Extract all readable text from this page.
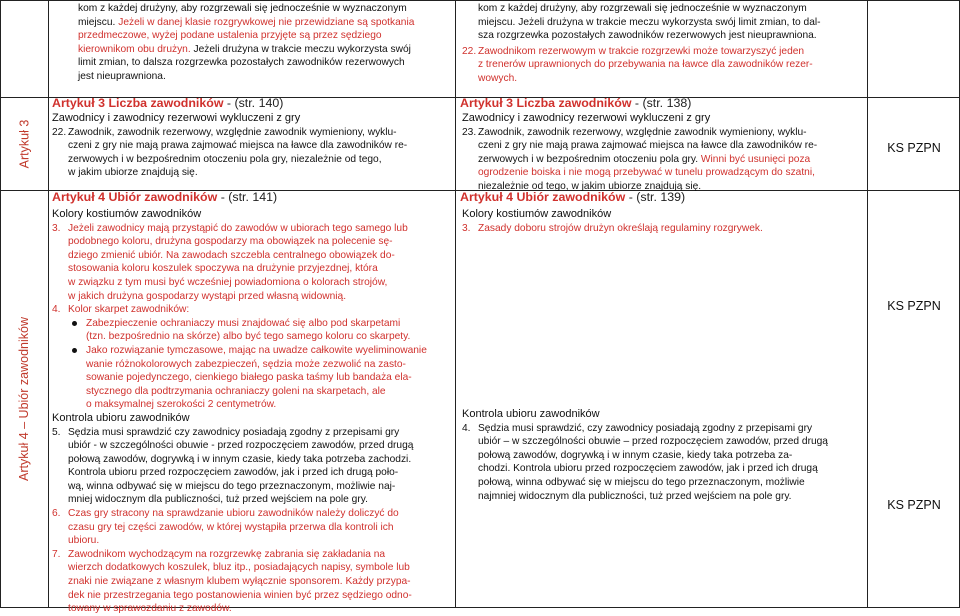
Artykuł 3
Artykuł 4 – Ubiór zawodników

kom z każdej drużyny, aby rozgrzewali się jednocześnie w wyznaczonym

miejscu. Jeżeli w danej klasie rozgrywkowej nie przewidziane są spotkania

przedmeczowe, wyżej podane ustalenia przyjęte są przez sędziego

kierownikom obu drużyn. Jeżeli drużyna w trakcie meczu wykorzysta swój

limit zmian, to dalsza rozgrzewka pozostałych zawodników rezerwowych

jest nieuprawniona.

kom z każdej drużyny, aby rozgrzewali się jednocześnie w wyznaczonym

miejscu. Jeżeli drużyna w trakcie meczu wykorzysta swój limit zmian, to dal-

sza rozgrzewka pozostałych zawodników rezerwowych jest nieuprawniona.

22. Zawodnikom rezerwowym w trakcie rozgrzewki może towarzyszyć jeden

z trenerów uprawnionych do przebywania na ławce dla zawodników rezer-

wowych.

Artykuł 3 Liczba zawodników - (str. 140)	Artykuł 3 Liczba zawodników - (str. 138)

Zawodnicy i zawodnicy rezerwowi wykluczeni z gry

22. Zawodnik, zawodnik rezerwowy, względnie zawodnik wymieniony, wyklu-

czeni z gry nie mają prawa zajmować miejsca na ławce dla zawodników re-

zerwowych i w bezpośrednim otoczeniu pola gry, niezależnie od tego,

w jakim ubiorze znajdują się.

Zawodnicy i zawodnicy rezerwowi wykluczeni z gry

23. Zawodnik, zawodnik rezerwowy, względnie zawodnik wymieniony, wyklu-

czeni z gry nie mają prawa zajmować miejsca na ławce dla zawodników re-

zerwowych i w bezpośrednim otoczeniu pola gry. Winni być usunięci poza

ogrodzenie boiska i nie mogą przebywać w tunelu prowadzącym do szatni,

niezależnie od tego, w jakim ubiorze znajdują się.

KS PZPN
Artykuł 4 Ubiór zawodników - (str. 141)	Artykuł 4 Ubiór zawodników - (str. 139)

Kolory kostiumów zawodników

3. Jeżeli zawodnicy mają przystąpić do zawodów w ubiorach tego samego lub

podobnego koloru, drużyna gospodarzy ma obowiązek na polecenie sę-

dziego zmienić ubiór. Na zawodach szczebla centralnego obowiązek do-

stosowania koloru koszulek spoczywa na drużynie przyjezdnej, która

w związku z tym musi być wcześniej powiadomiona o kolorach strojów,

w jakich drużyna gospodarzy wystąpi przed własną widownią.

4. Kolor skarpet zawodników:

Zabezpieczenie ochraniaczy musi znajdować się albo pod skarpetami

(tzn. bezpośrednio na skórze) albo być tego samego koloru co skarpety.

Jako rozwiązanie tymczasowe, mając na uwadze całkowite wyeliminowanie

wanie różnokolorowych zabezpieczeń, sędzia może zezwolić na zasto-

sowanie pojedynczego, cienkiego białego paska taśmy lub bandaża ela-

stycznego dla podtrzymania ochraniaczy goleni na skarpetach, ale

o maksymalnej szerokości 2 centymetrów.

Kontrola ubioru zawodników

5. Sędzia musi sprawdzić czy zawodnicy posiadają zgodny z przepisami gry

ubiór - w szczególności obuwie - przed rozpoczęciem zawodów, przed drugą

połową zawodów, dogrywką i w innym czasie, kiedy taka potrzeba zachodzi.

Kontrola ubioru przed rozpoczęciem zawodów, jak i przed ich drugą poło-

wą, winna odbywać się w miejscu do tego przeznaczonym, możliwie naj-

mniej widocznym dla publiczności, tuż przed wejściem na pole gry.

6. Czas gry stracony na sprawdzanie ubioru zawodników należy doliczyć do

czasu gry tej części zawodów, w której wystąpiła przerwa dla kontroli ich

ubioru.

7. Zawodnikom wychodzącym na rozgrzewkę zabrania się zakładania na

wierzch dodatkowych koszulek, bluz itp., posiadających napisy, symbole lub

znaki nie związane z własnym klubem wyłącznie sponsorem. Każdy przypa-

dek nie przestrzegania tego postanowienia winien być przez sędziego odno-

towany w sprawozdaniu z zawodów.

Kolory kostiumów zawodników

3. Zasady doboru strojów drużyn określają regulaminy rozgrywek.

Kontrola ubioru zawodników

4. Sędzia musi sprawdzić, czy zawodnicy posiadają zgodny z przepisami gry

ubiór – w szczególności obuwie – przed rozpoczęciem zawodów, przed drugą

połową zawodów, dogrywką i w innym czasie, kiedy taka potrzeba za-

chodzi. Kontrola ubioru przed rozpoczęciem zawodów, jak i przed ich drugą

połową, winna odbywać się w miejscu do tego przeznaczonym, możliwie

najmniej widocznym dla publiczności, tuż przed wejściem na pole gry.

KS PZPN
KS PZPN
